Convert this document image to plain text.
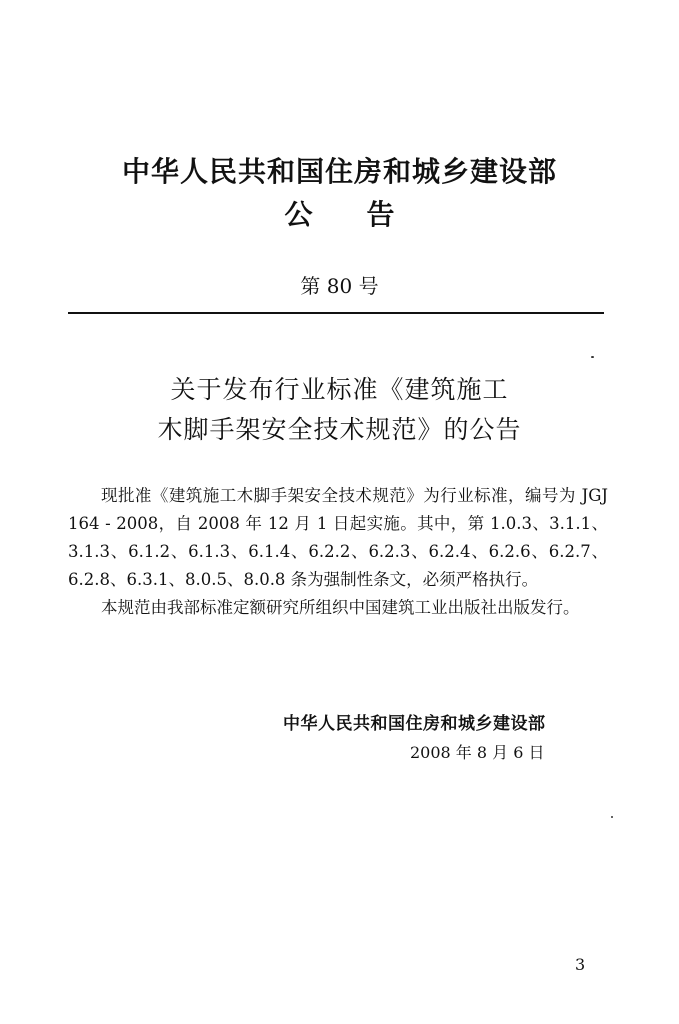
中华人民共和国住房和城乡建设部
公告
第 80 号
关于发布行业标准《建筑施工
木脚手架安全技术规范》的公告

现批准《建筑施工木脚手架安全技术规范》为行业标准，编号为 JGJ 164 - 2008，自 2008 年 12 月 1 日起实施。其中，第 1.0.3、3.1.1、3.1.3、6.1.2、6.1.3、6.1.4、6.2.2、6.2.3、6.2.4、6.2.6、6.2.7、6.2.8、6.3.1、8.0.5、8.0.8 条为强制性条文，必须严格执行。

本规范由我部标准定额研究所组织中国建筑工业出版社出版发行。

中华人民共和国住房和城乡建设部
2008 年 8 月 6 日
3
